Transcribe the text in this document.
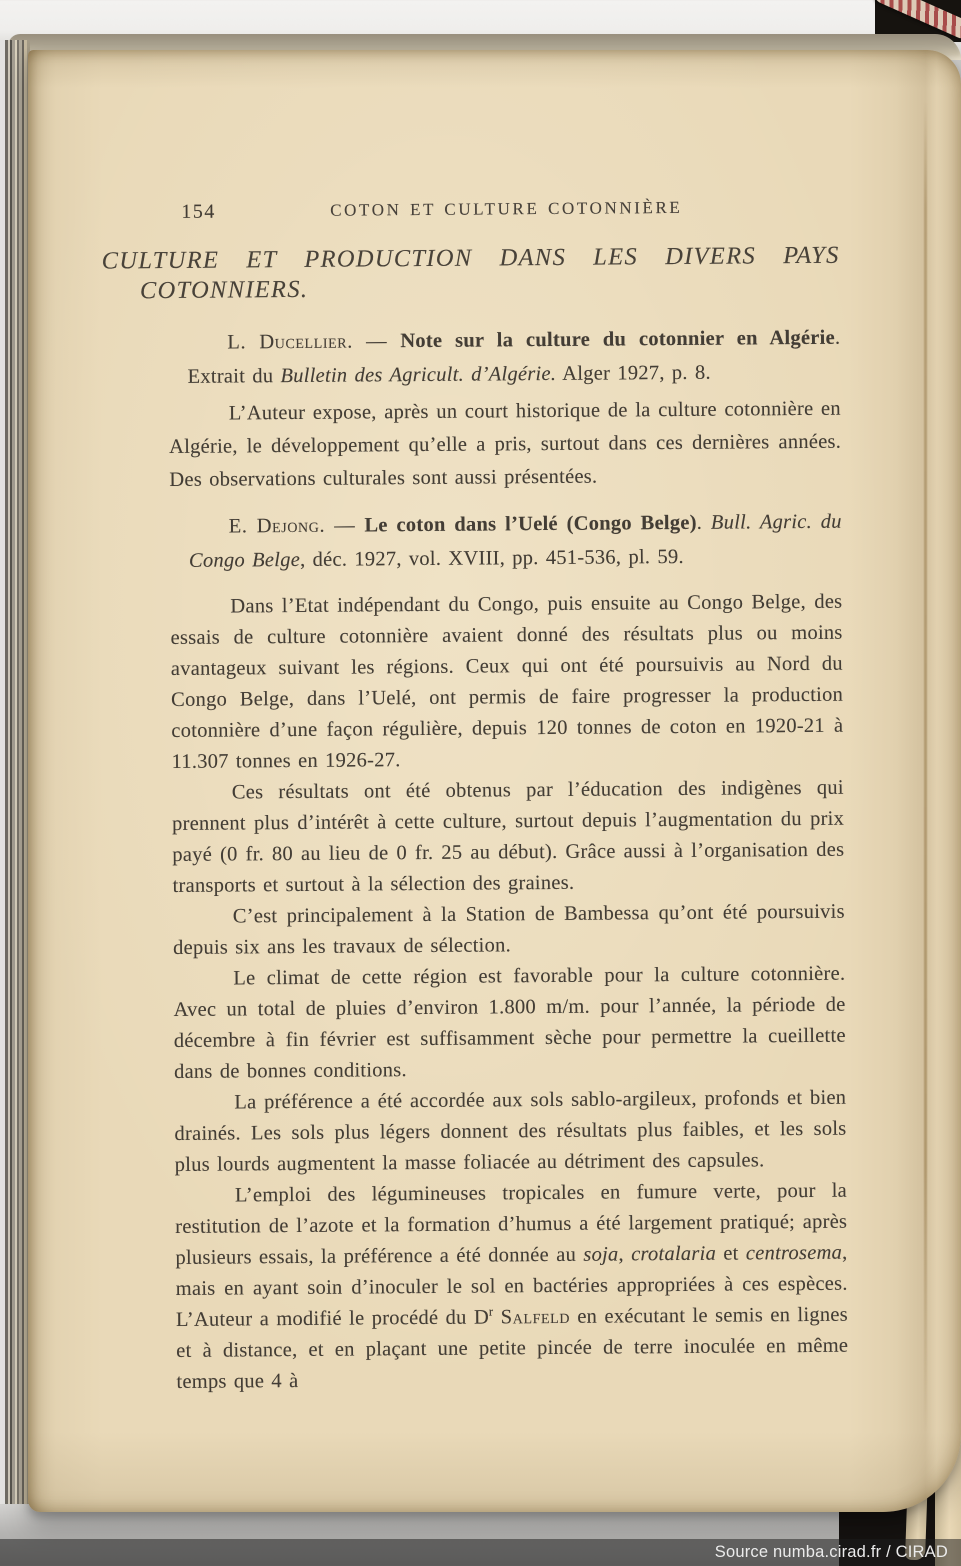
154	COTON ET CULTURE COTONNIÈRE
CULTURE ET PRODUCTION DANS LES DIVERS PAYS
COTONNIERS.

L. Ducellier. — Note sur la culture du cotonnier en Algérie. Extrait du Bulletin des Agricult. d’Algérie. Alger 1927, p. 8.

L’Auteur expose, après un court historique de la culture cotonnière en Algérie, le développement qu’elle a pris, surtout dans ces dernières années. Des observations culturales sont aussi présentées.

E. Dejong. — Le coton dans l’Uelé (Congo Belge). Bull. Agric. du Congo Belge, déc. 1927, vol. XVIII, pp. 451-536, pl. 59.

Dans l’Etat indépendant du Congo, puis ensuite au Congo Belge, des essais de culture cotonnière avaient donné des résultats plus ou moins avantageux suivant les régions. Ceux qui ont été poursuivis au Nord du Congo Belge, dans l’Uelé, ont permis de faire progresser la production cotonnière d’une façon régulière, depuis 120 tonnes de coton en 1920-21 à 11.307 tonnes en 1926-27.

Ces résultats ont été obtenus par l’éducation des indigènes qui prennent plus d’intérêt à cette culture, surtout depuis l’augmentation du prix payé (0 fr. 80 au lieu de 0 fr. 25 au début). Grâce aussi à l’organisation des transports et surtout à la sélection des graines.

C’est principalement à la Station de Bambessa qu’ont été poursuivis depuis six ans les travaux de sélection.

Le climat de cette région est favorable pour la culture cotonnière. Avec un total de pluies d’environ 1.800 m/m. pour l’année, la période de décembre à fin février est suffisamment sèche pour permettre la cueillette dans de bonnes conditions.

La préférence a été accordée aux sols sablo-argileux, profonds et bien drainés. Les sols plus légers donnent des résultats plus faibles, et les sols plus lourds augmentent la masse foliacée au détriment des capsules.

L’emploi des légumineuses tropicales en fumure verte, pour la restitution de l’azote et la formation d’humus a été largement pratiqué; après plusieurs essais, la préférence a été donnée au soja, crotalaria et centrosema, mais en ayant soin d’inoculer le sol en bactéries appropriées à ces espèces. L’Auteur a modifié le procédé du $D^r$ Salfeld en exécutant le semis en lignes et à distance, et en plaçant une petite pincée de terre inoculée en même temps que 4 à

Source numba.cirad.fr / CIRAD
